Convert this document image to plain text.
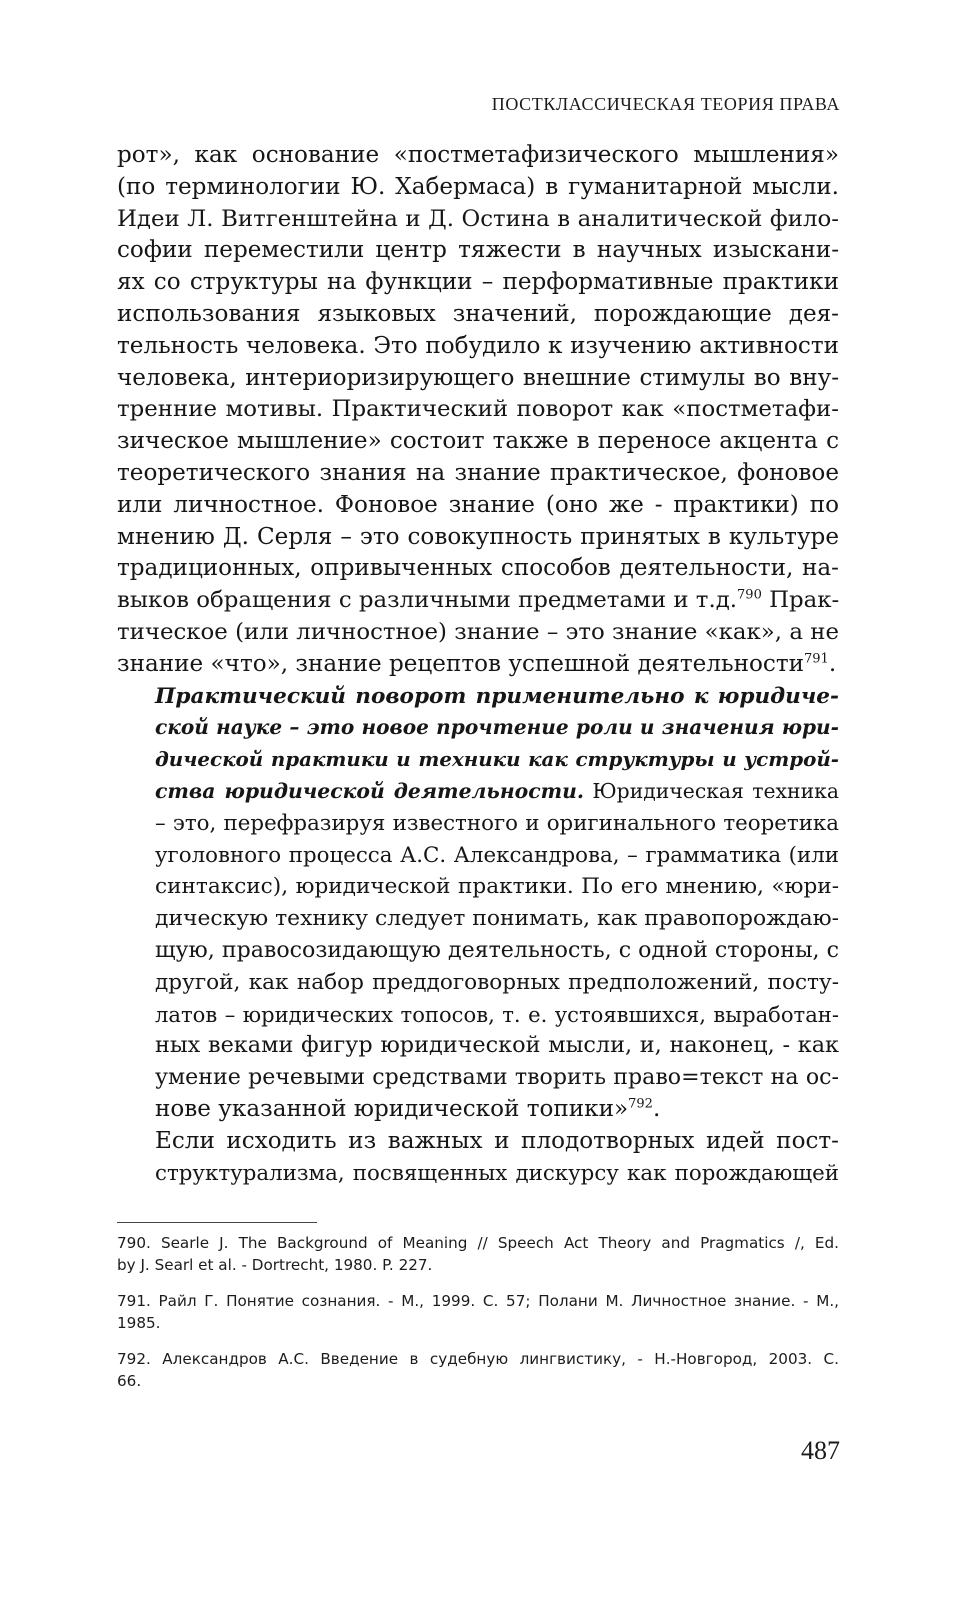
ПОСТКЛАССИЧЕСКАЯ ТЕОРИЯ ПРАВА

рот», как основание «постметафизического мышления»
(по терминологии Ю. Хабермаса) в гуманитарной мысли.
Идеи Л. Витгенштейна и Д. Остина в аналитической фило-
софии переместили центр тяжести в научных изыскани-
ях со структуры на функции – перформативные практики
использования языковых значений, порождающие дея-
тельность человека. Это побудило к изучению активности
человека, интериоризирующего внешние стимулы во вну-
тренние мотивы. Практический поворот как «постметафи-
зическое мышление» состоит также в переносе акцента с
теоретического знания на знание практическое, фоновое
или личностное. Фоновое знание (оно же - практики) по
мнению Д. Серля – это совокупность принятых в культуре
традиционных, опривыченных способов деятельности, на-
выков обращения с различными предметами и т.д.$^{790}$ Прак-
тическое (или личностное) знание – это знание «как», а не
знание «что», знание рецептов успешной деятельности$^{791}$.

Практический поворот применительно к юридиче-
ской науке – это новое прочтение роли и значения юри-
дической практики и техники как структуры и устрой-
ства юридической деятельности. Юридическая техника
– это, перефразируя известного и оригинального теоретика
уголовного процесса А.С. Александрова, – грамматика (или
синтаксис), юридической практики. По его мнению, «юри-
дическую технику следует понимать, как правопорождаю-
щую, правосозидающую деятельность, с одной стороны, с
другой, как набор преддоговорных предположений, посту-
латов – юридических топосов, т. е. устоявшихся, выработан-
ных веками фигур юридической мысли, и, наконец, - как
умение речевыми средствами творить право=текст на ос-
нове указанной юридической топики»$^{792}$.

Если исходить из важных и плодотворных идей пост-
структурализма, посвященных дискурсу как порождающей

790. Searle J. The Background of Meaning // Speech Act Theory and Pragmatics /, Ed.
by J. Searl et al. - Dortrecht, 1980. P. 227.
791. Райл Г. Понятие сознания. - М., 1999. С. 57; Полани М. Личностное знание. - М.,
1985.
792. Александров А.С. Введение в судебную лингвистику, - Н.-Новгород, 2003. С.
66.
487
